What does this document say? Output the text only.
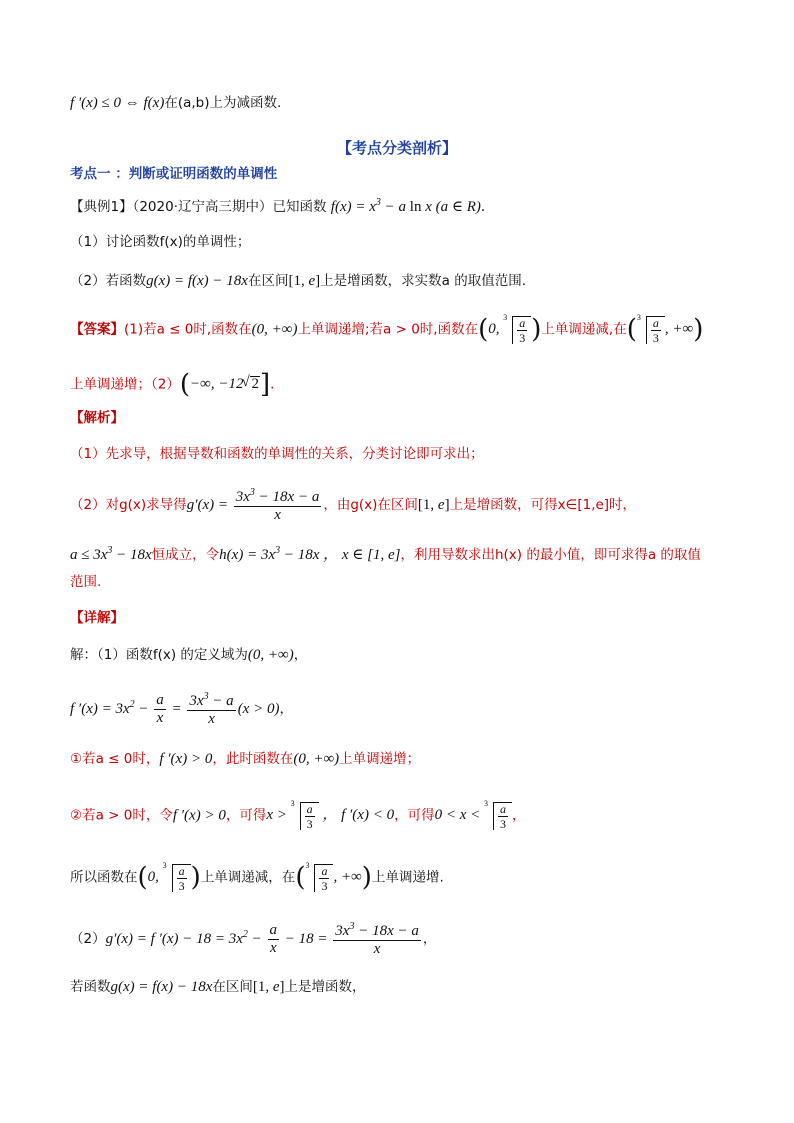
f '(x) ≤ 0 ⇔ f(x)在(a,b)上为减函数.
【考点分类剖析】
考点一 ：判断或证明函数的单调性
【典例1】（2020·辽宁高三期中）已知函数 $f(x) = x^3 - a$ ln x (a ∈ R).
（1）讨论函数f(x)的单调性；
（2）若函数g(x) = f(x) − 18x在区间[1, e]上是增函数，求实数a 的取值范围.
【答案】(1)若a ≤ 0时,函数在(0, +∞)上单调递增;若a > 0时,函数在(0,
$3 \frac{a}{3}$ )上单调递减,在( $3 \frac{a}{3}$ , +∞)
上单调递增；（2）(−∞, −12√ 2].
【解析】
（1）先求导，根据导数和函数的单调性的关系，分类讨论即可求出；
（2）对g(x)求导得$g'(x) = \frac{3x^3 - 18x - a}{x}$ ，由g(x)在区间[1, e]上是增函数，可得x∈[1,e]时，
$a \le 3x^3 - 18x$恒成立，令$h(x) = 3x^3 - 18x$ ， x ∈ [1, e]，利用导数求出h(x) 的最小值，即可求得a 的取值
范围.
【详解】
解：（1）函数f(x) 的定义域为(0, +∞)，
f $'(x) = 3x^2 - \frac{a}{x} = \frac{3x^3 - a}{x} (x > 0)$，
①若a ≤ 0时，f ′(x) > 0，此时函数在(0, +∞)上单调递增；
②若a > 0时，令f ′(x) > 0，可得x >
$3 \frac{a}{3}$ ， f ′(x) < 0，可得0 < x <
$3 \frac{a}{3}$ ，
所以函数在(0,
$3 \frac{a}{3}$ )上单调递减，在( $3 \frac{a}{3}$ , +∞)上单调递增.
（2）g′(x) = f $'(x) - 18 = 3x^2 - \frac{a}{x} - 18 = \frac{3x^3 - 18x - a}{x}$ ，
若函数g(x) = f(x) − 18x在区间[1, e]上是增函数，
